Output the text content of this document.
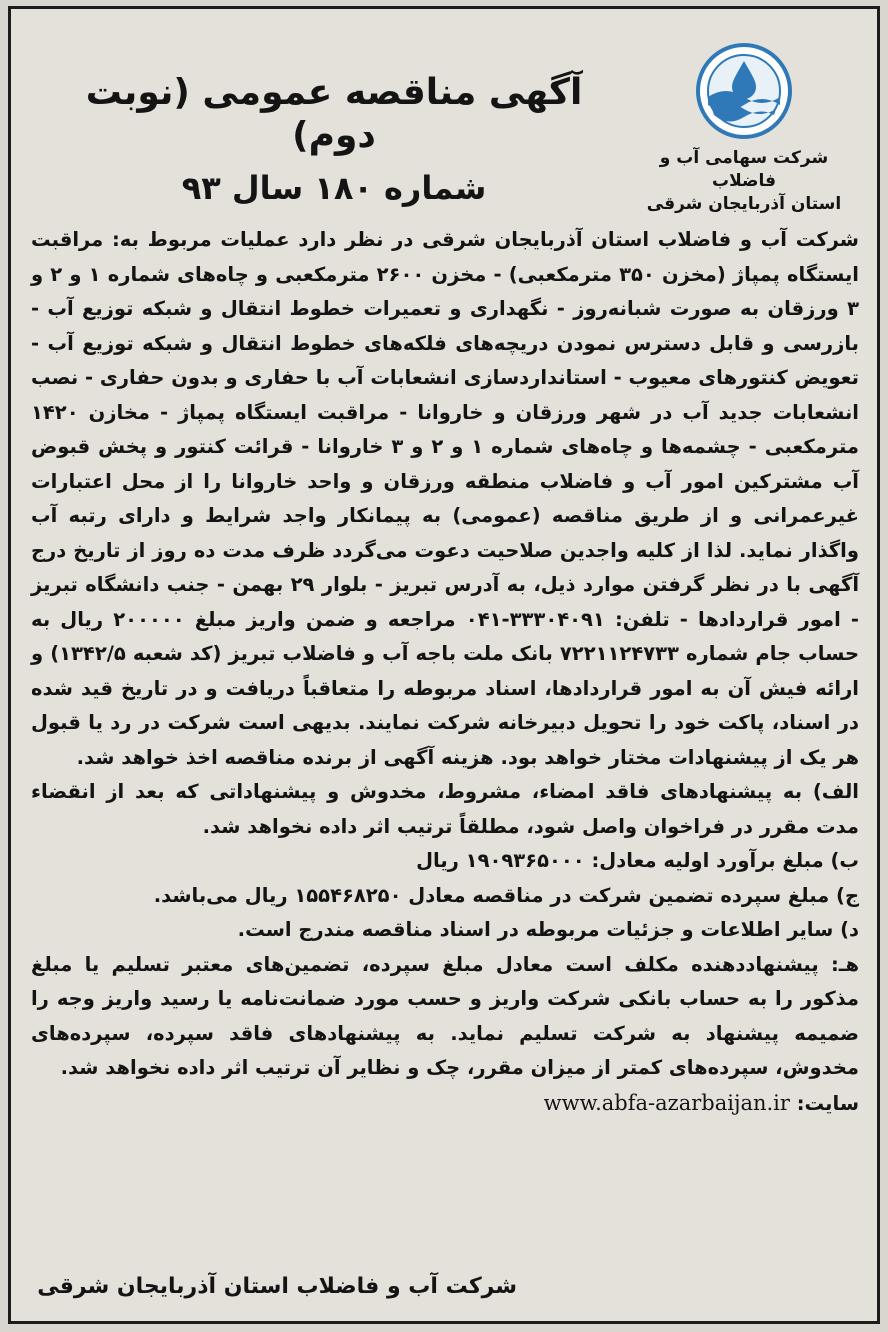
شرکت سهامی آب و فاضلاب
استان آذربایجان شرقی
آگهی مناقصه عمومی (نوبت دوم)
شماره ۱۸۰ سال ۹۳

شرکت آب و فاضلاب استان آذربایجان شرقی در نظر دارد عملیات مربوط به: مراقبت ایستگاه پمپاژ (مخزن ۳۵۰ مترمکعبی) - مخزن ۲۶۰۰ مترمکعبی و چاه‌های شماره ۱ و ۲ و ۳ ورزقان به صورت شبانه‌روز - نگهداری و تعمیرات خطوط انتقال و شبکه توزیع آب - بازرسی و قابل دسترس نمودن دریچه‌های فلکه‌های خطوط انتقال و شبکه توزیع آب - تعویض کنتورهای معیوب - استانداردسازی انشعابات آب با حفاری و بدون حفاری - نصب انشعابات جدید آب در شهر ورزقان و خاروانا - مراقبت ایستگاه پمپاژ - مخازن ۱۴۲۰ مترمکعبی - چشمه‌ها و چاه‌های شماره ۱ و ۲ و ۳ خاروانا - قرائت کنتور و پخش قبوض آب مشترکین امور آب و فاضلاب منطقه ورزقان و واحد خاروانا را از محل اعتبارات غیرعمرانی و از طریق مناقصه (عمومی) به پیمانکار واجد شرایط و دارای رتبه آب واگذار نماید. لذا از کلیه واجدین صلاحیت دعوت می‌گردد ظرف مدت ده روز از تاریخ درج آگهی با در نظر گرفتن موارد ذیل، به آدرس تبریز - بلوار ۲۹ بهمن - جنب دانشگاه تبریز - امور قراردادها - تلفن: ۳۳۳۰۴۰۹۱-۰۴۱ مراجعه و ضمن واریز مبلغ ۲۰۰۰۰۰ ریال به حساب جام شماره ۷۲۲۱۱۲۴۷۳۳ بانک ملت باجه آب و فاضلاب تبریز (کد شعبه ۱۳۴۲/۵) و ارائه فیش آن به امور قراردادها، اسناد مربوطه را متعاقباً دریافت و در تاریخ قید شده در اسناد، پاکت خود را تحویل دبیرخانه شرکت نمایند. بدیهی است شرکت در رد یا قبول هر یک از پیشنهادات مختار خواهد بود. هزینه آگهی از برنده مناقصه اخذ خواهد شد.

الف) به پیشنهادهای فاقد امضاء، مشروط، مخدوش و پیشنهاداتی که بعد از انقضاء مدت مقرر در فراخوان واصل شود، مطلقاً ترتیب اثر داده نخواهد شد.

ب) مبلغ برآورد اولیه معادل: ۱۹۰۹۳۶۵۰۰۰ ریال

ج) مبلغ سپرده تضمین شرکت در مناقصه معادل ۱۵۵۴۶۸۲۵۰ ریال می‌باشد.

د) سایر اطلاعات و جزئیات مربوطه در اسناد مناقصه مندرج است.

هـ: پیشنهاددهنده مکلف است معادل مبلغ سپرده، تضمین‌های معتبر تسلیم یا مبلغ مذکور را به حساب بانکی شرکت واریز و حسب مورد ضمانت‌نامه یا رسید واریز وجه را ضمیمه پیشنهاد به شرکت تسلیم نماید. به پیشنهادهای فاقد سپرده، سپرده‌های مخدوش، سپرده‌های کمتر از میزان مقرر، چک و نظایر آن ترتیب اثر داده نخواهد شد.

سایت: www.abfa-azarbaijan.ir

شرکت آب و فاضلاب استان آذربایجان شرقی
